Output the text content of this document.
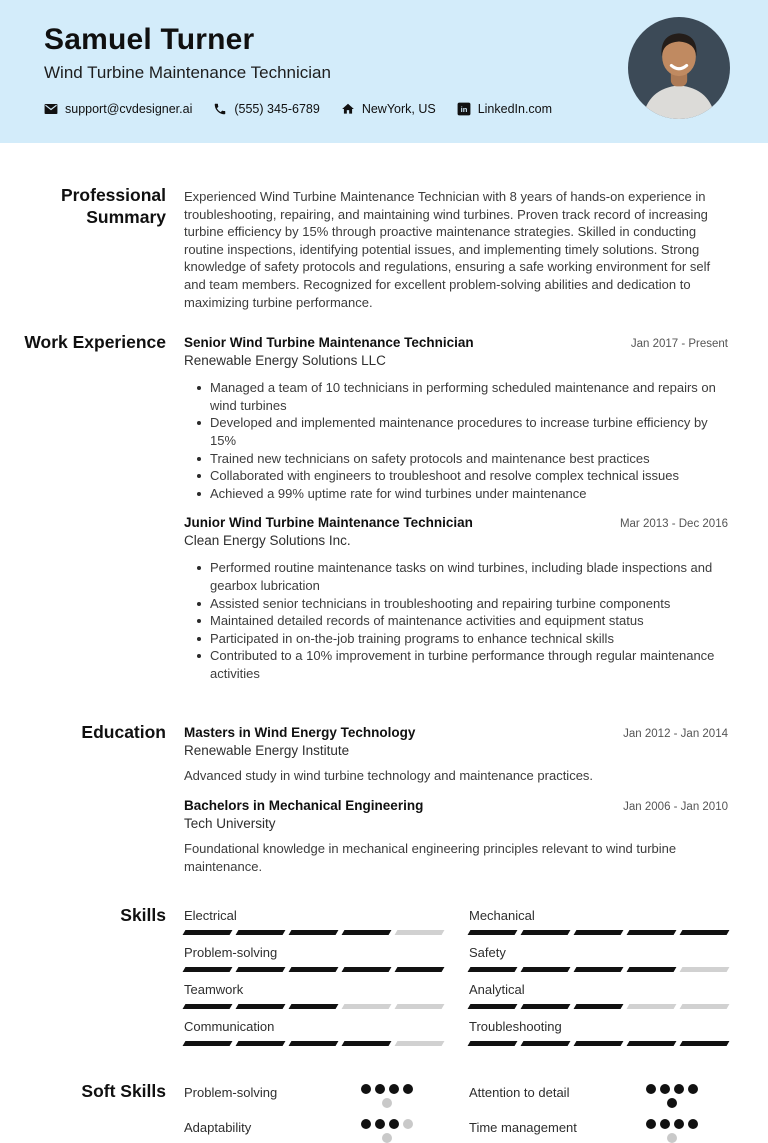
Samuel Turner
Wind Turbine Maintenance Technician
support@cvdesigner.ai	(555) 345-6789	NewYork, US in LinkedIn.com
Professional Summary

Experienced Wind Turbine Maintenance Technician with 8 years of hands-on experience in troubleshooting, repairing, and maintaining wind turbines. Proven track record of increasing turbine efficiency by 15% through proactive maintenance strategies. Skilled in conducting routine inspections, identifying potential issues, and implementing timely solutions. Strong knowledge of safety protocols and regulations, ensuring a safe working environment for self and team members. Recognized for excellent problem-solving abilities and dedication to maximizing turbine performance.

Work Experience Senior Wind Turbine Maintenance Technician	Jan 2017 - Present
Renewable Energy Solutions LLC
Managed a team of 10 technicians in performing scheduled maintenance and repairs on wind turbines
Developed and implemented maintenance procedures to increase turbine efficiency by 15%
Trained new technicians on safety protocols and maintenance best practices
Collaborated with engineers to troubleshoot and resolve complex technical issues
Achieved a 99% uptime rate for wind turbines under maintenance
Junior Wind Turbine Maintenance Technician	Mar 2013 - Dec 2016
Clean Energy Solutions Inc.
Performed routine maintenance tasks on wind turbines, including blade inspections and gearbox lubrication
Assisted senior technicians in troubleshooting and repairing turbine components
Maintained detailed records of maintenance activities and equipment status
Participated in on-the-job training programs to enhance technical skills
Contributed to a 10% improvement in turbine performance through regular maintenance activities
Education Masters in Wind Energy Technology	Jan 2012 - Jan 2014
Renewable Energy Institute

Advanced study in wind turbine technology and maintenance practices.

Bachelors in Mechanical Engineering	Jan 2006 - Jan 2010
Tech University

Foundational knowledge in mechanical engineering principles relevant to wind turbine maintenance.

Skills Electrical	Mechanical
Problem-solving	Safety
Teamwork	Analytical
Communication	Troubleshooting
Soft Skills Problem-solving	Attention to detail
Adaptability	Time management
